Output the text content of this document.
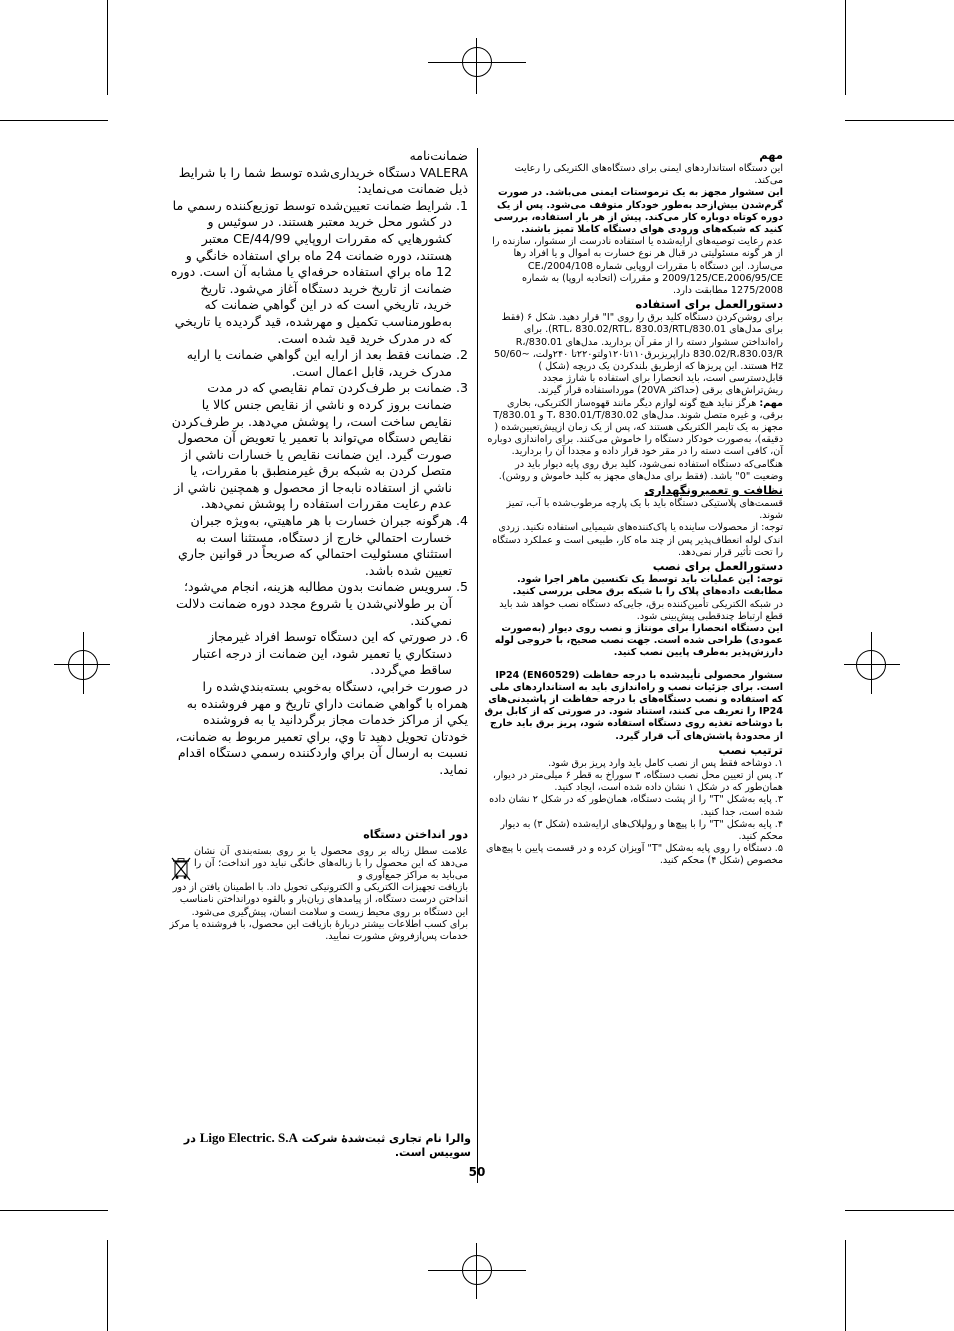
مهم

این دستگاه استانداردهای ایمنی برای دستگاه‌های الکتریکی را رعایت می‌کند.

این سشوار مجهز به یک ترموستات ایمنی می‌باشد. در صورت گرم‌شدن بیش‌ازحد به‌طور خودکار متوقف می‌شود. پس از یک دوره کوتاه دوباره کار می‌کند. پیش از هر بار استفاده، بررسی کنید که شبکه‌های ورودی هوای دستگاه کاملا تمیز باشند.

عدم رعایت توصیه‌های ارایه‌شده یا استفاده نادرست از سشوار، سازنده را از هر گونه مسئولیتی در قبال هر نوع خسارت به اموال و یا افراد رها می‌سازد. این دستگاه با مقررات اروپایی شماره 2004/108/CE، 2009/125/CE،2006/95/CE و مقررات (اتحادیه اروپا) به شماره 1275/2008 مطابقت دارد.

دستورالعمل برای استفاده

برای روشن‌کردن دستگاه کلید برق را روی "I" قرار دهید. شکل ۶ (فقط برای مدل‌های 830.01/RTL، 830.02/RTL، 830.03/RTL). برای راه‌انداختن سشوار دسته را از مقر آن بردارید. مدل‌های 830.01/R، 830.02/R،830.03/R داراپریزبرق۱۱۰تا۱۲۰ولتو۲۲۰تا ۲۴۰ولت، ~50/60 Hz هستند. این پریزها که ازطریق بلندکردن یک دریچه (شکل ) قابل‌دسترسی است، باید انحصارا برای استفاده با شارژ مجدد ریش‌تراش‌های برقی (حداکثر 20VA) مورداستفاده قرار گیرند.

مهم: هرگز نباید هیچ گونه لوازم دیگر مانند قهوه‌ساز الکتریکی، بخاری برقی، و غیره متصل شوند. مدل‌های 830.02/T، 830.01/T و 830.01/T مجهز به یک تایمر الکتریکی هستند که، پس از یک زمان ازپیش‌تعیین‌شده ( دقیقه)، به‌صورت خودکار دستگاه را خاموش می‌کنند. برای راه‌اندازی دوباره آن، کافی است دسته را در مقر خود قرار داده و مجددا آن را بردارید.

هنگامی‌که دستگاه استفاده نمی‌شود، کلید برق روی پایه دیوار باید در وضعیت "0" باشد. (فقط برای مدل‌های مجهز به کلید خاموش و روشن).

نظافت و تعمیرونگهداری

قسمت‌های پلاستیکی دستگاه باید با یک پارچه مرطوب‌شده با آب، تمیز شوند.

توجه: از محصولات ساینده یا پاک‌کننده‌های شیمیایی استفاده نکنید. زردی اندک لوله انعطاف‌پذیر پس از چند ماه کار، طبیعی است و عملکرد دستگاه را تحت تأثیر قرار نمی‌دهد.

دستورالعمل برای نصب

توجه: این عملیات باید توسط یک تکنسین ماهر اجرا شود. مطابقت داده‌های پلاک را با شبکه برق محلی بررسی کنید.

در شبکه الکتریکی تأمین‌کننده برق، جایی‌که دستگاه نصب خواهد شد باید قطع ارتباط چندقطبی پیش‌بینی شود.

این دستگاه انحصارا برای مونتاژ و نصب روی دیوار (به‌صورت عمودی) طراحی شده است. جهت نصب صحیح، با خروجی لوله دارزش‌پذیر به‌طرف پایین نصب کنید.

سشوار محصولی تأییدشده با درجه حفاظت IP24 (EN60529) است. برای جزئیات نصب و راه‌اندازی باید به استانداردهای ملی که استفاده و نصب دستگاه‌های با درجه حفاظت از پاشیدنی‌های IP24 را تعریف می‌ کنند، استناد شود. در صورتی که از کابل برق با دوشاخه تغذیه روی دستگاه استفاده شود، پریز برق باید خارج از محدودۀ پاشش‌های آب قرار گیرد.

ترتیب نصب

۱. دوشاخه فقط پس از نصب کامل باید وارد پریز برق شود.

۲. پس از تعیین محل نصب دستگاه، ۳ سوراخ به قطر ۶ میلی‌متر در دیوار، همان‌طور که در شکل ۱ نشان داده شده است، ایجاد کنید.

۳. پایه به‌شکل "T" را از پشت دستگاه، همان‌طور که در شکل ۲ نشان داده شده است، جدا کنید.

۴. پایه به‌شکل "T" را با پیچ‌ها و رولپلاک‌های ارایه‌شده (شکل ۳) به دیوار محکم کنید.

۵. دستگاه را روی پایه به‌شکل "T" آویزان کرده و در قسمت پایین با پیچ‌های مخصوص (شکل ۴) محکم کنید.

ضمانت‌نامه

VALERA دستگاه خریداری‌شده توسط شما را با شرایط ذیل ضمانت می‌نماید:

1.
شرایط ضمانت تعیین‌شده توسط توزیع‌کننده رسمي ما در کشور محل خرید معتبر هستند. در سوئیس و کشورهایي که مقررات اروپایي 44/99/CE معتبر هستند، دوره ضمانت 24 ماه براي استفاده خانگي و 12 ماه براي استفاده حرفه‌اي یا مشابه آن است. دوره ضمانت از تاریخ خرید دستگاه آغاز مي‌شود. تاریخ خرید، تاریخي است که در این گواهي ضمانت که به‌طورمناسب تکمیل و مهرشده، قید گردیده یا تاریخي که در مدرک خرید قید شده است.
2.
ضمانت فقط بعد از ارایه این گواهي ضمانت یا ارایه مدرک خرید، قابل اعمال است.
3.
ضمانت بر طرف‌کردن تمام نقایصي که در مدت ضمانت بروز کرده و ناشي از نقایص جنس کالا یا نقایص ساخت است، را پوشش مي‌دهد. بر طرف‌کردن نقایص دستگاه مي‌تواند با تعمیر یا تعویض آن محصول صورت گیرد. این ضمانت نقایص یا خسارات ناشي از متصل کردن به شبکه برق غیرمنطبق با مقررات، یا ناشي از استفاده نابه‌جا از محصول و همچنین ناشي از عدم رعایت مقررات استفاده را پوشش نمي‌دهد.
4.
هرگونه جبران خسارت با هر ماهیتي، به‌ویژه جبران خسارت احتمالي خارج از دستگاه، مستثنا است به استثناي مسئولیت احتمالي که صریحاً در قوانین جاري تعیین شده باشد.
5.
سرویس ضمانت بدون مطالبه هزینه، انجام مي‌شود؛ آن بر طولاني‌شدن یا شروع مجدد دوره ضمانت دلالت نمي‌کند.
6.
در صورتي که این دستگاه توسط افراد غیرمجاز دستکاري یا تعمیر شود، این ضمانت از درجه اعتبار ساقط مي‌گردد.

در صورت خرابي، دستگاه به‌خوبي بسته‌بندي‌شده را همراه با گواهي ضمانت داراي تاریخ و مهر فروشنده به یکي از مراکز خدمات مجاز برگردانید یا به فروشنده خودتان تحویل دهید تا وي، براي تعمیر مربوط به ضمانت، نسبت به ارسال آن براي واردکننده رسمي دستگاه اقدام نماید.

دور انداختن دستگاه

علامت سطل زباله بر روی محصول یا بر روی بسته‌بندی آن نشان می‌دهد که این محصول را با زباله‌های خانگی نباید دور انداخت؛ آن را می‌باید به مراکز جمع‌آوری و

بازیافت تجهیزات الکتریکی و الکترونیکی تحویل داد. با اطمینان یافتن از دور انداختن درست دستگاه، از پیامدهای زیان‌بار و بالقوه دورانداختن نامناسب این دستگاه بر روی محیط زیست و سلامت انسان، پیش‌گیری می‌شود.

برای کسب اطلاعات بیشتر دربارۀ بازیافت این محصول، با فروشنده یا مرکز خدمات پس‌ازفروش مشورت نمایید.

والرا نام تجاری ثبت‌شدۀ شرکت Ligo Electric. S.A در سوییس است.
50
